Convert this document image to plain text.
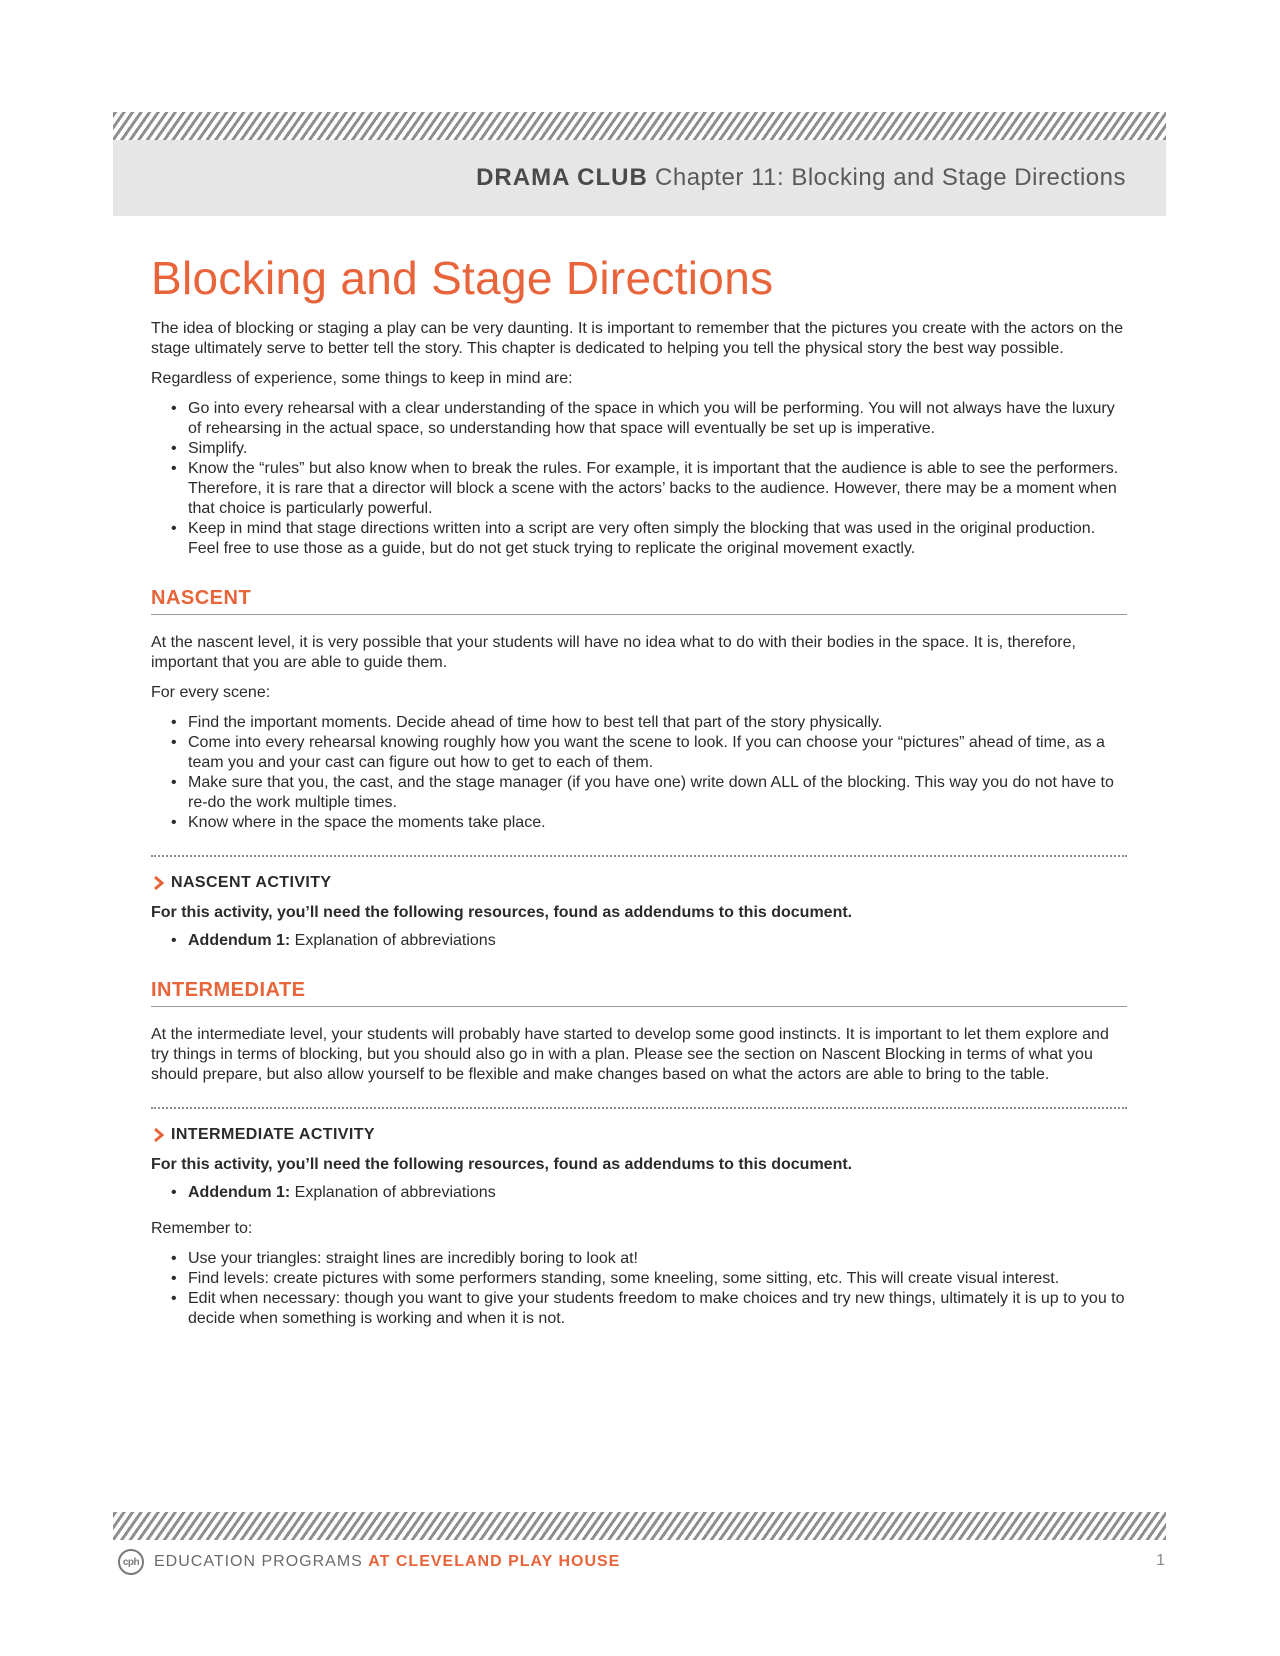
DRAMA CLUB Chapter 11: Blocking and Stage Directions
Blocking and Stage Directions

The idea of blocking or staging a play can be very daunting. It is important to remember that the pictures you create with the actors on the stage ultimately serve to better tell the story. This chapter is dedicated to helping you tell the physical story the best way possible.

Regardless of experience, some things to keep in mind are:

• Go into every rehearsal with a clear understanding of the space in which you will be performing. You will not always have the luxury of rehearsing in the actual space, so understanding how that space will eventually be set up is imperative.
• Simplify.
• Know the “rules” but also know when to break the rules. For example, it is important that the audience is able to see the performers. Therefore, it is rare that a director will block a scene with the actors’ backs to the audience. However, there may be a moment when that choice is particularly powerful.
• Keep in mind that stage directions written into a script are very often simply the blocking that was used in the original production. Feel free to use those as a guide, but do not get stuck trying to replicate the original movement exactly.
NASCENT

At the nascent level, it is very possible that your students will have no idea what to do with their bodies in the space. It is, therefore, important that you are able to guide them.

For every scene:

• Find the important moments. Decide ahead of time how to best tell that part of the story physically.
• Come into every rehearsal knowing roughly how you want the scene to look. If you can choose your “pictures” ahead of time, as a team you and your cast can figure out how to get to each of them.
• Make sure that you, the cast, and the stage manager (if you have one) write down ALL of the blocking. This way you do not have to re-do the work multiple times.
• Know where in the space the moments take place.
NASCENT ACTIVITY
For this activity, you’ll need the following resources, found as addendums to this document.
• Addendum 1: Explanation of abbreviations
INTERMEDIATE

At the intermediate level, your students will probably have started to develop some good instincts. It is important to let them explore and try things in terms of blocking, but you should also go in with a plan. Please see the section on Nascent Blocking in terms of what you should prepare, but also allow yourself to be flexible and make changes based on what the actors are able to bring to the table.

INTERMEDIATE ACTIVITY
For this activity, you’ll need the following resources, found as addendums to this document.
• Addendum 1: Explanation of abbreviations

Remember to:

• Use your triangles: straight lines are incredibly boring to look at!
• Find levels: create pictures with some performers standing, some kneeling, some sitting, etc. This will create visual interest.
• Edit when necessary: though you want to give your students freedom to make choices and try new things, ultimately it is up to you to decide when something is working and when it is not.
cph EDUCATION PROGRAMS AT CLEVELAND PLAY HOUSE	1
